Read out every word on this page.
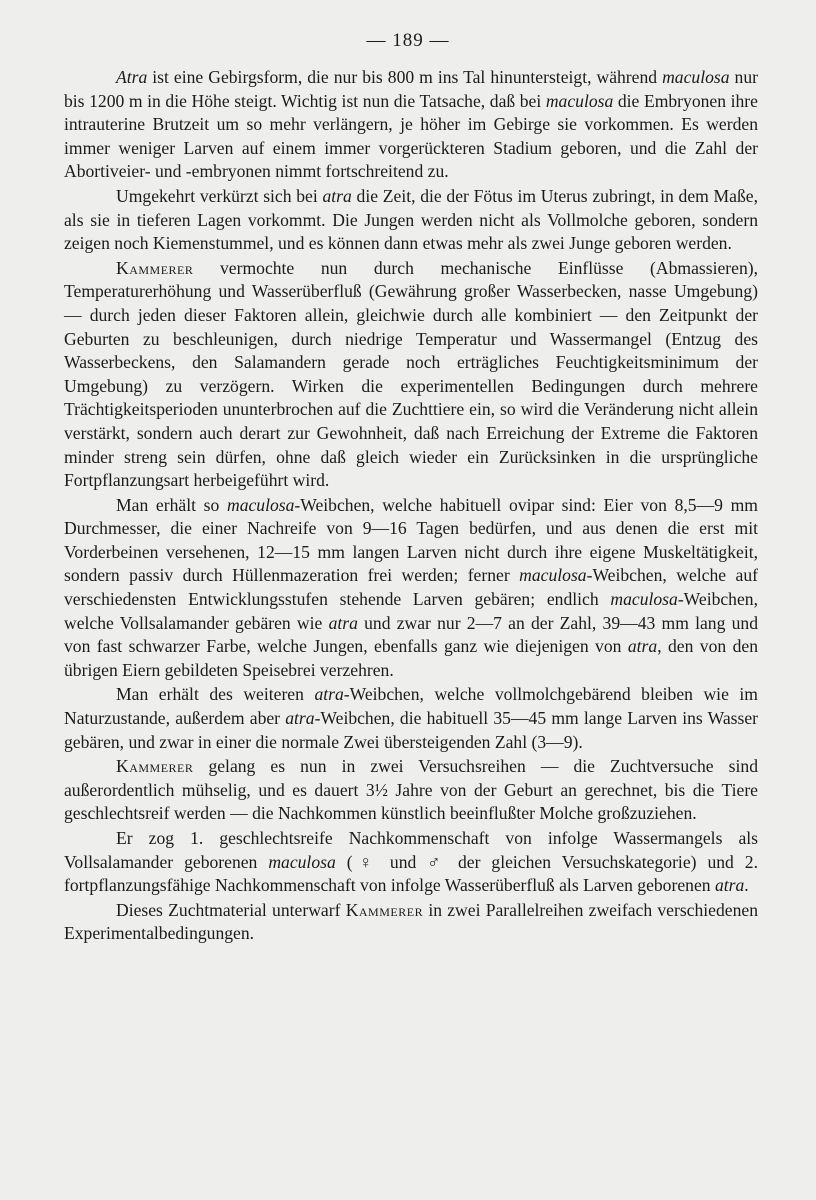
— 189 —

Atra ist eine Gebirgsform, die nur bis 800 m ins Tal hinuntersteigt, während maculosa nur bis 1200 m in die Höhe steigt. Wichtig ist nun die Tatsache, daß bei maculosa die Embryonen ihre intrauterine Brutzeit um so mehr verlängern, je höher im Gebirge sie vorkommen. Es werden immer weniger Larven auf einem immer vorgerückteren Stadium geboren, und die Zahl der Abortiveier- und -embryonen nimmt fortschreitend zu.

Umgekehrt verkürzt sich bei atra die Zeit, die der Fötus im Uterus zubringt, in dem Maße, als sie in tieferen Lagen vorkommt. Die Jungen werden nicht als Vollmolche geboren, sondern zeigen noch Kiemenstummel, und es können dann etwas mehr als zwei Junge geboren werden.

Kammerer vermochte nun durch mechanische Einflüsse (Abmassieren), Temperaturerhöhung und Wasserüberfluß (Gewährung großer Wasserbecken, nasse Umgebung) — durch jeden dieser Faktoren allein, gleichwie durch alle kombiniert — den Zeitpunkt der Geburten zu beschleunigen, durch niedrige Temperatur und Wassermangel (Entzug des Wasserbeckens, den Salamandern gerade noch erträgliches Feuchtigkeitsminimum der Umgebung) zu verzögern. Wirken die experimentellen Bedingungen durch mehrere Trächtigkeitsperioden ununterbrochen auf die Zuchttiere ein, so wird die Veränderung nicht allein verstärkt, sondern auch derart zur Gewohnheit, daß nach Erreichung der Extreme die Faktoren minder streng sein dürfen, ohne daß gleich wieder ein Zurücksinken in die ursprüngliche Fortpflanzungsart herbeigeführt wird.

Man erhält so maculosa-Weibchen, welche habituell ovipar sind: Eier von 8,5—9 mm Durchmesser, die einer Nachreife von 9—16 Tagen bedürfen, und aus denen die erst mit Vorderbeinen versehenen, 12—15 mm langen Larven nicht durch ihre eigene Muskeltätigkeit, sondern passiv durch Hüllenmazeration frei werden; ferner maculosa-Weibchen, welche auf verschiedensten Entwicklungsstufen stehende Larven gebären; endlich maculosa-Weibchen, welche Vollsalamander gebären wie atra und zwar nur 2—7 an der Zahl, 39—43 mm lang und von fast schwarzer Farbe, welche Jungen, ebenfalls ganz wie diejenigen von atra, den von den übrigen Eiern gebildeten Speisebrei verzehren.

Man erhält des weiteren atra-Weibchen, welche vollmolchgebärend bleiben wie im Naturzustande, außerdem aber atra-Weibchen, die habituell 35—45 mm lange Larven ins Wasser gebären, und zwar in einer die normale Zwei übersteigenden Zahl (3—9).

Kammerer gelang es nun in zwei Versuchsreihen — die Zuchtversuche sind außerordentlich mühselig, und es dauert 3½ Jahre von der Geburt an gerechnet, bis die Tiere geschlechtsreif werden — die Nachkommen künstlich beeinflußter Molche großzuziehen.

Er zog 1. geschlechtsreife Nachkommenschaft von infolge Wassermangels als Vollsalamander geborenen maculosa (♀ und ♂ der gleichen Versuchskategorie) und 2. fortpflanzungsfähige Nachkommenschaft von infolge Wasserüberfluß als Larven geborenen atra.

Dieses Zuchtmaterial unterwarf Kammerer in zwei Parallelreihen zweifach verschiedenen Experimentalbedingungen.
